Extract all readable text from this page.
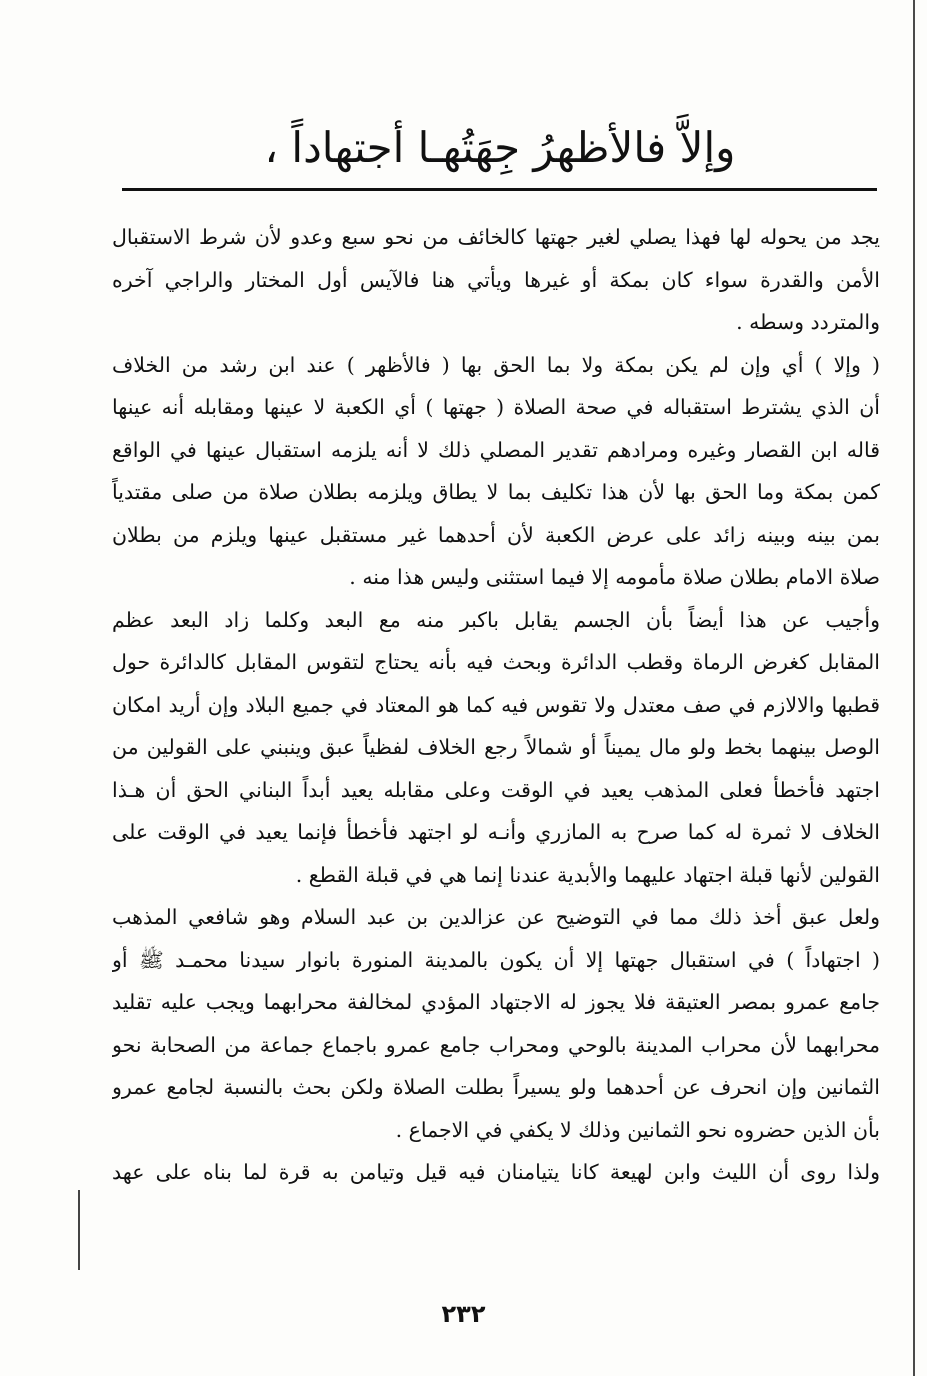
وإلاَّ فالأظهرُ جِهَتُهـا أجتهاداً ،
يجد من يحوله لها فهذا يصلي لغير جهتها كالخائف من نحو سبع وعدو لأن شرط الاستقبال
الأمن والقدرة سواء كان بمكة أو غيرها ويأتي هنا فالآيس أول المختار والراجي آخره
والمتردد وسطه .
( وإلا ) أي وإن لم يكن بمكة ولا بما الحق بها ( فالأظهر ) عند ابن رشد من الخلاف
أن الذي يشترط استقباله في صحة الصلاة ( جهتها ) أي الكعبة لا عينها ومقابله أنه عينها
قاله ابن القصار وغيره ومرادهم تقدير المصلي ذلك لا أنه يلزمه استقبال عينها في الواقع
كمن بمكة وما الحق بها لأن هذا تكليف بما لا يطاق ويلزمه بطلان صلاة من صلى مقتدياً
بمن بينه وبينه زائد على عرض الكعبة لأن أحدهما غير مستقبل عينها ويلزم من بطلان
صلاة الامام بطلان صلاة مأمومه إلا فيما استثنى وليس هذا منه .
وأجيب عن هذا أيضاً بأن الجسم يقابل باكبر منه مع البعد وكلما زاد البعد عظم
المقابل كغرض الرماة وقطب الدائرة وبحث فيه بأنه يحتاج لتقوس المقابل كالدائرة حول
قطبها والالازم في صف معتدل ولا تقوس فيه كما هو المعتاد في جميع البلاد وإن أريد امكان
الوصل بينهما بخط ولو مال يميناً أو شمالاً رجع الخلاف لفظياً عبق وينبني على القولين من
اجتهد فأخطأ فعلى المذهب يعيد في الوقت وعلى مقابله يعيد أبداً البناني الحق أن هـذا
الخلاف لا ثمرة له كما صرح به المازري وأنـه لو اجتهد فأخطأ فإنما يعيد في الوقت على
القولين لأنها قبلة اجتهاد عليهما والأبدية عندنا إنما هي في قبلة القطع .
ولعل عبق أخذ ذلك مما في التوضيح عن عزالدين بن عبد السلام وهو شافعي المذهب
( اجتهاداً ) في استقبال جهتها إلا أن يكون بالمدينة المنورة بانوار سيدنا محمـد ﷺ أو
جامع عمرو بمصر العتيقة فلا يجوز له الاجتهاد المؤدي لمخالفة محرابهما ويجب عليه تقليد
محرابهما لأن محراب المدينة بالوحي ومحراب جامع عمرو باجماع جماعة من الصحابة نحو
الثمانين وإن انحرف عن أحدهما ولو يسيراً بطلت الصلاة ولكن بحث بالنسبة لجامع عمرو
بأن الذين حضروه نحو الثمانين وذلك لا يكفي في الاجماع .
ولذا روى أن الليث وابن لهيعة كانا يتيامنان فيه قيل وتيامن به قرة لما بناه على عهد
٢٣٢
